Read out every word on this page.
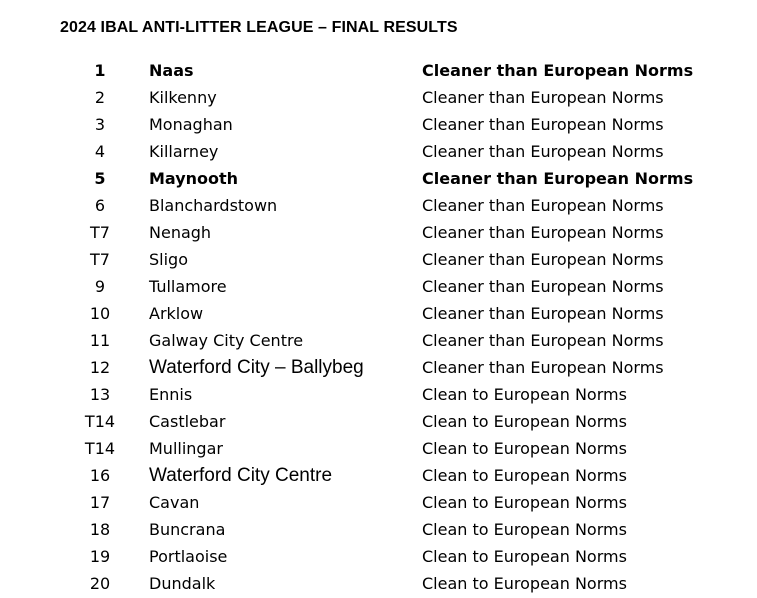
2024 IBAL ANTI-LITTER LEAGUE – FINAL RESULTS
1	Naas	Cleaner than European Norms
2	Kilkenny	Cleaner than European Norms
3	Monaghan	Cleaner than European Norms
4	Killarney	Cleaner than European Norms
5	Maynooth	Cleaner than European Norms
6	Blanchardstown	Cleaner than European Norms
T7	Nenagh	Cleaner than European Norms
T7	Sligo	Cleaner than European Norms
9	Tullamore	Cleaner than European Norms
10	Arklow	Cleaner than European Norms
11	Galway City Centre	Cleaner than European Norms
12	Waterford City – Ballybeg	Cleaner than European Norms
13	Ennis	Clean to European Norms
T14	Castlebar	Clean to European Norms
T14	Mullingar	Clean to European Norms
16	Waterford City Centre	Clean to European Norms
17	Cavan	Clean to European Norms
18	Buncrana	Clean to European Norms
19	Portlaoise	Clean to European Norms
20	Dundalk	Clean to European Norms
